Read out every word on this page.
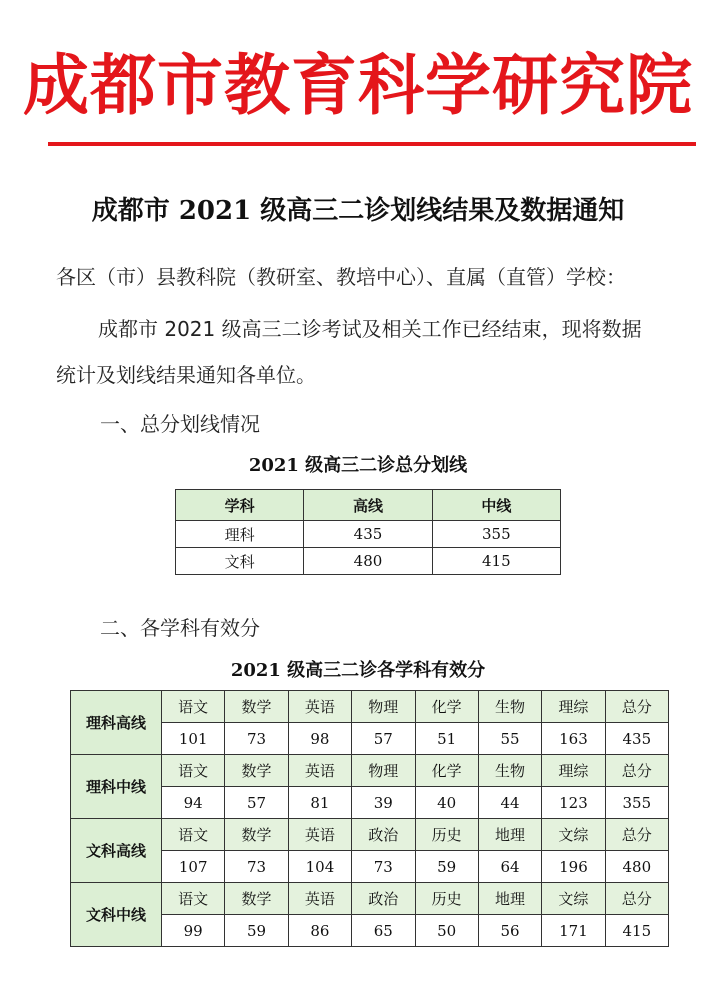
成都市教育科学研究院
成都市 2021 级高三二诊划线结果及数据通知
各区（市）县教科院（教研室、教培中心）、直属（直管）学校：
成都市 2021 级高三二诊考试及相关工作已经结束，现将数据
统计及划线结果通知各单位。
一、总分划线情况
2021 级高三二诊总分划线
学科	高线	中线
理科	435	355
文科	480	415
二、各学科有效分
2021 级高三二诊各学科有效分
理科高线	语文	数学	英语	物理	化学	生物	理综	总分
	101	73	98	57	51	55	163	435
理科中线	语文	数学	英语	物理	化学	生物	理综	总分
	94	57	81	39	40	44	123	355
文科高线	语文	数学	英语	政治	历史	地理	文综	总分
	107	73	104	73	59	64	196	480
文科中线	语文	数学	英语	政治	历史	地理	文综	总分
	99	59	86	65	50	56	171	415
